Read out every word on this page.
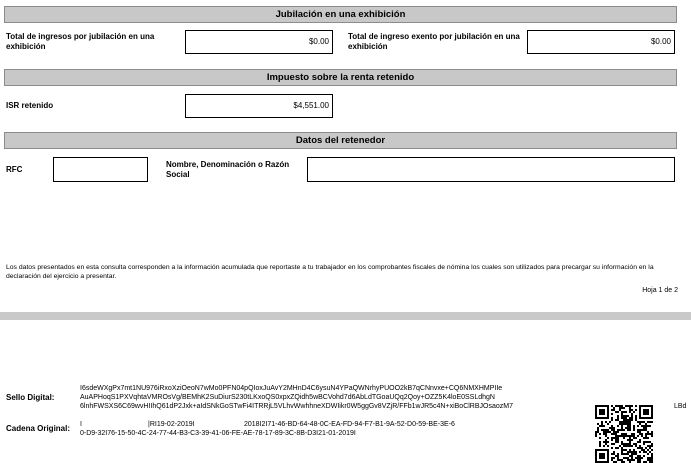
Jubilación en una exhibición
Total de ingresos por jubilación en una exhibición
$0.00
Total de ingreso exento por jubilación en una exhibición
$0.00
Impuesto sobre la renta retenido
ISR retenido	$4,551.00
Datos del retenedor
RFC
Nombre, Denominación o Razón Social
Los datos presentados en esta consulta corresponden a la información acumulada que reportaste a tu trabajador en los comprobantes fiscales de nómina los cuales son utilizados para precargar su información en la declaración del ejercicio a presentar.
Hoja 1 de 2
Sello Digital:
I6sdeWXgPx7mt1NU976iRxoXziOeoN7wMo0PFN04pQIoxJuAvY2MHnD4C6ysuN4YPaQWNrhyPUOO2kB7qCNnvxe+CQ6NMXHMPIIe
AuAPHoqS1PXVqhtaVMROsVg/BEMhK2SuDiurS230tLKxoQS0xpxZQidh5wBCVohd7d6AbLdTGoaUQq2Qoy+OZZ5K4loE0SSLdhgN
6lnhFWSXS6C69wvHIIhQ61dP2Jxk+aIdSNkGoSTwFi4ITRRjL5VLhvWwhhneXDWIikr0W5ggGv8VZjR/FFb1wJR5c4N+xiBoClRBJOsaozM7	LBd
Cadena Original: I	|RI19-02-2019I	2018I2I71-46-BD-64-48-0C-EA-FD-94-F7-B1-9A-52-D0-59-BE-3E-6
0-D9-32I76-15-50-4C-24-77-44-B3-C3-39-41-06-FE-AE-78-17-89-3C-8B-D3I21-01-2019I
